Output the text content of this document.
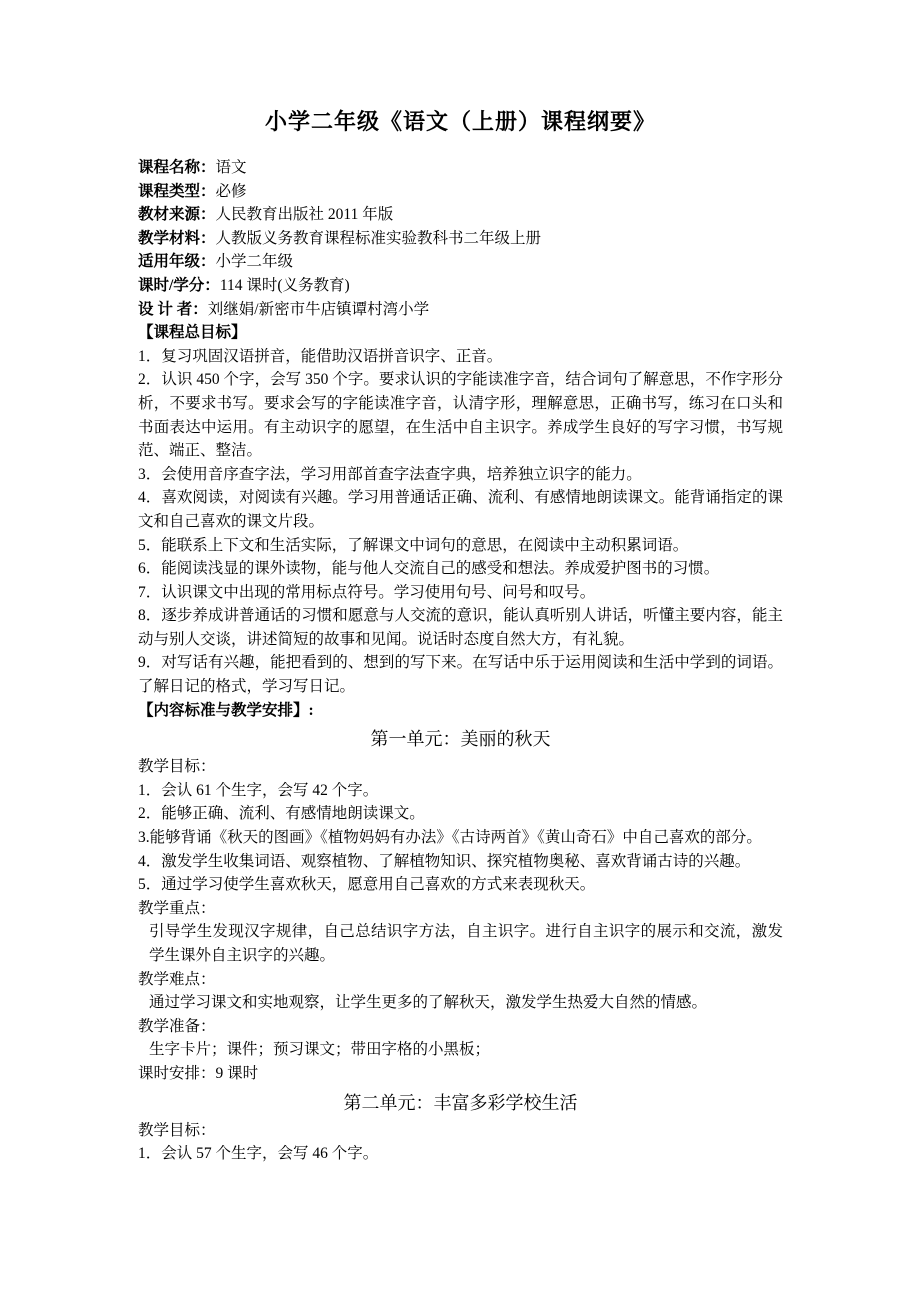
小学二年级《语文（上册）课程纲要》

课程名称：语文

课程类型：必修

教材来源：人民教育出版社 2011 年版

教学材料：人教版义务教育课程标准实验教科书二年级上册

适用年级：小学二年级

课时/学分：114 课时(义务教育)

设 计 者：刘继娟/新密市牛店镇谭村湾小学

【课程总目标】

1．复习巩固汉语拼音，能借助汉语拼音识字、正音。

2．认识 450 个字，会写 350 个字。要求认识的字能读准字音，结合词句了解意思，不作字形分析，不要求书写。要求会写的字能读准字音，认清字形，理解意思，正确书写，练习在口头和书面表达中运用。有主动识字的愿望，在生活中自主识字。养成学生良好的写字习惯，书写规范、端正、整洁。

3．会使用音序查字法，学习用部首查字法查字典，培养独立识字的能力。

4．喜欢阅读，对阅读有兴趣。学习用普通话正确、流利、有感情地朗读课文。能背诵指定的课文和自己喜欢的课文片段。

5．能联系上下文和生活实际，了解课文中词句的意思，在阅读中主动积累词语。

6．能阅读浅显的课外读物，能与他人交流自己的感受和想法。养成爱护图书的习惯。

7．认识课文中出现的常用标点符号。学习使用句号、问号和叹号。

8．逐步养成讲普通话的习惯和愿意与人交流的意识，能认真听别人讲话，听懂主要内容，能主动与别人交谈，讲述简短的故事和见闻。说话时态度自然大方，有礼貌。

9．对写话有兴趣，能把看到的、想到的写下来。在写话中乐于运用阅读和生活中学到的词语。了解日记的格式，学习写日记。

【内容标准与教学安排】:

第一单元：美丽的秋天

教学目标：

1．会认 61 个生字，会写 42 个字。

2．能够正确、流利、有感情地朗读课文。

3.能够背诵《秋天的图画》《植物妈妈有办法》《古诗两首》《黄山奇石》中自己喜欢的部分。

4．激发学生收集词语、观察植物、了解植物知识、探究植物奥秘、喜欢背诵古诗的兴趣。

5．通过学习使学生喜欢秋天，愿意用自己喜欢的方式来表现秋天。

教学重点：

引导学生发现汉字规律，自己总结识字方法，自主识字。进行自主识字的展示和交流，激发学生课外自主识字的兴趣。

教学难点：

通过学习课文和实地观察，让学生更多的了解秋天，激发学生热爱大自然的情感。

教学准备：

生字卡片；课件；预习课文；带田字格的小黑板；

课时安排：9 课时

第二单元：丰富多彩学校生活

教学目标：

1．会认 57 个生字，会写 46 个字。
